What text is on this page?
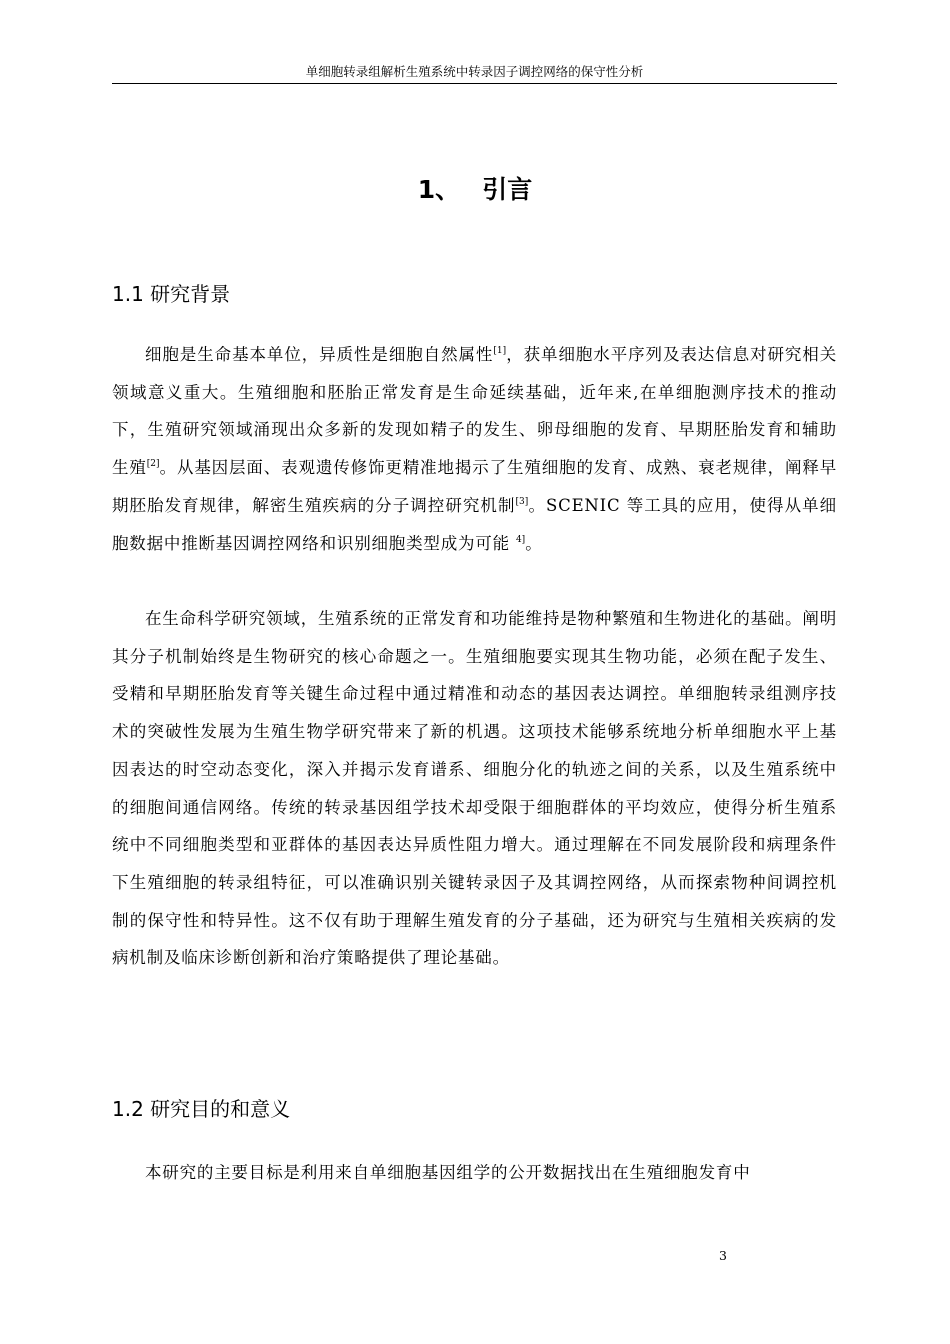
单细胞转录组解析生殖系统中转录因子调控网络的保守性分析
1、 引言
1.1 研究背景

细胞是生命基本单位，异质性是细胞自然属性[1]，获单细胞水平序列及表达信息对研究相关领域意义重大。生殖细胞和胚胎正常发育是生命延续基础，近年来,在单细胞测序技术的推动下，生殖研究领域涌现出众多新的发现如精子的发生、卵母细胞的发育、早期胚胎发育和辅助生殖[2]。从基因层面、表观遗传修饰更精准地揭示了生殖细胞的发育、成熟、衰老规律，阐释早期胚胎发育规律，解密生殖疾病的分子调控研究机制[3]。SCENIC 等工具的应用，使得从单细胞数据中推断基因调控网络和识别细胞类型成为可能 $^{4]}$。

在生命科学研究领域，生殖系统的正常发育和功能维持是物种繁殖和生物进化的基础。阐明其分子机制始终是生物研究的核心命题之一。生殖细胞要实现其生物功能，必须在配子发生、受精和早期胚胎发育等关键生命过程中通过精准和动态的基因表达调控。单细胞转录组测序技术的突破性发展为生殖生物学研究带来了新的机遇。这项技术能够系统地分析单细胞水平上基因表达的时空动态变化，深入并揭示发育谱系、细胞分化的轨迹之间的关系，以及生殖系统中的细胞间通信网络。传统的转录基因组学技术却受限于细胞群体的平均效应，使得分析生殖系统中不同细胞类型和亚群体的基因表达异质性阻力增大。通过理解在不同发展阶段和病理条件下生殖细胞的转录组特征，可以准确识别关键转录因子及其调控网络，从而探索物种间调控机制的保守性和特异性。这不仅有助于理解生殖发育的分子基础，还为研究与生殖相关疾病的发病机制及临床诊断创新和治疗策略提供了理论基础。

1.2 研究目的和意义

本研究的主要目标是利用来自单细胞基因组学的公开数据找出在生殖细胞发育中

3
